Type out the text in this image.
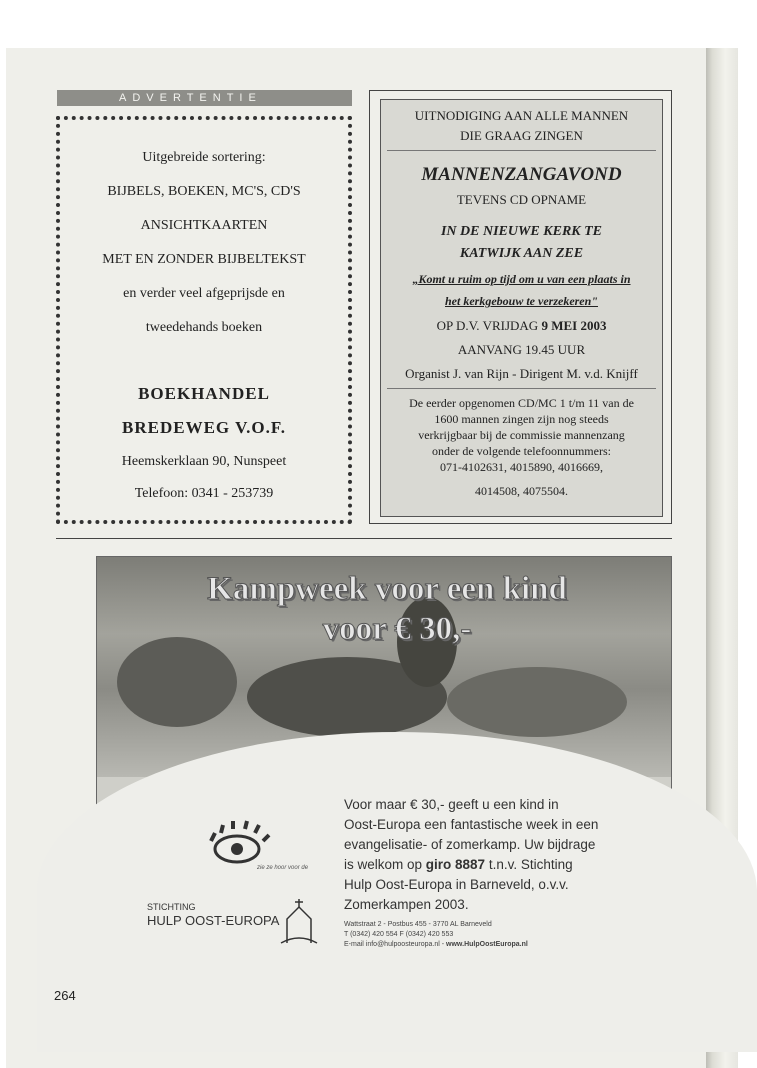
ADVERTENTIE
Uitgebreide sortering:
BIJBELS, BOEKEN, MC'S, CD'S
ANSICHTKAARTEN
MET EN ZONDER BIJBELTEKST
en verder veel afgeprijsde en
tweedehands boeken
BOEKHANDEL
BREDEWEG V.O.F.
Heemskerklaan 90, Nunspeet
Telefoon: 0341 - 253739
UITNODIGING AAN ALLE MANNEN
DIE GRAAG ZINGEN
MANNENZANGAVOND
TEVENS CD OPNAME
IN DE NIEUWE KERK TE
KATWIJK AAN ZEE
„Komt u ruim op tijd om u van een plaats in
het kerkgebouw te verzekeren"
OP D.V. VRIJDAG 9 MEI 2003
AANVANG 19.45 UUR
Organist J. van Rijn - Dirigent M. v.d. Knijff
De eerder opgenomen CD/MC 1 t/m 11 van de
1600 mannen zingen zijn nog steeds
verkrijgbaar bij de commissie mannenzang
onder de volgende telefoonnummers:
071-4102631, 4015890, 4016669,
4014508, 4075504.
Kampweek voor een kind
voor € 30,-
zie ze hoor voor de
STICHTING
HULP OOST-EUROPA
Voor maar € 30,- geeft u een kind in
Oost-Europa een fantastische week in een
evangelisatie- of zomerkamp. Uw bijdrage
is welkom op giro 8887 t.n.v. Stichting
Hulp Oost-Europa in Barneveld, o.v.v.
Zomerkampen 2003.
Wattstraat 2 - Postbus 455 - 3770 AL Barneveld
T (0342) 420 554 F (0342) 420 553
E-mail info@hulpoosteuropa.nl - www.HulpOostEuropa.nl
264
